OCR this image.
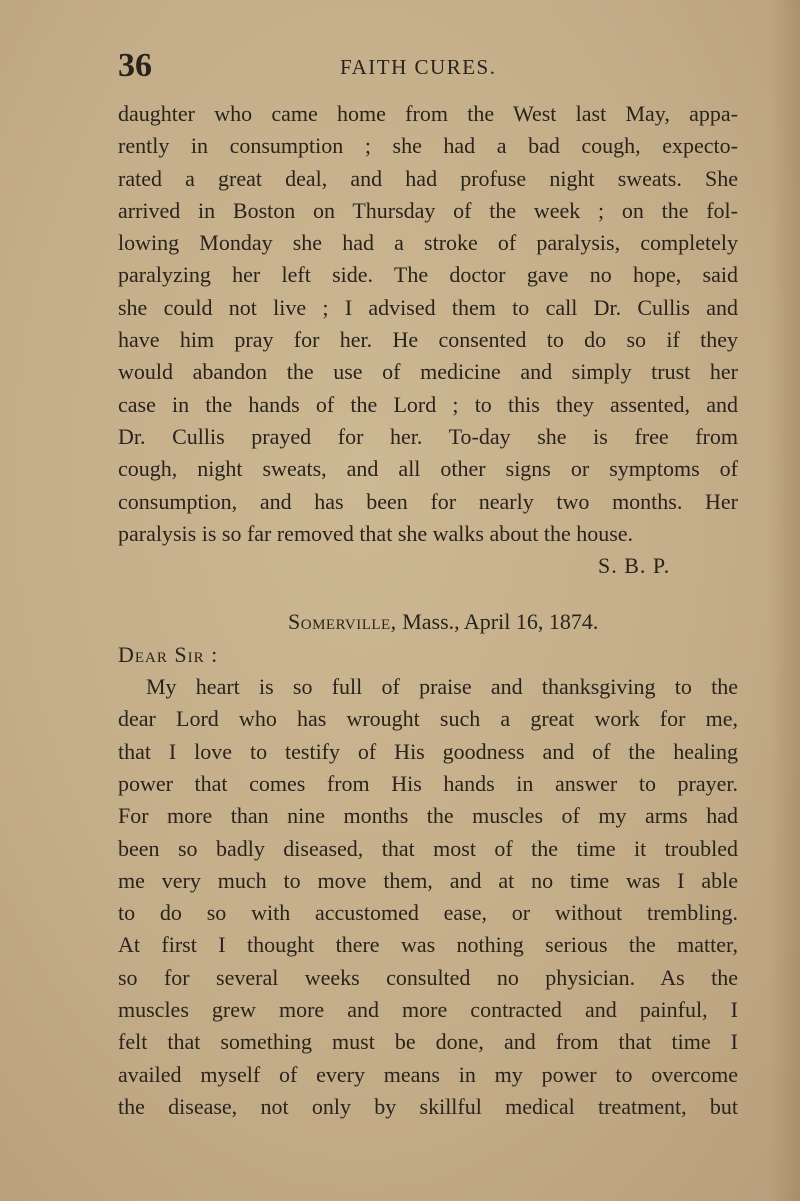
36	FAITH CURES.

daughter who came home from the West last May, appa-
rently in consumption ; she had a bad cough, expecto-
rated a great deal, and had profuse night sweats. She
arrived in Boston on Thursday of the week ; on the fol-
lowing Monday she had a stroke of paralysis, completely
paralyzing her left side. The doctor gave no hope, said
she could not live ; I advised them to call Dr. Cullis and
have him pray for her. He consented to do so if they
would abandon the use of medicine and simply trust her
case in the hands of the Lord ; to this they assented, and
Dr. Cullis prayed for her. To-day she is free from
cough, night sweats, and all other signs or symptoms of
consumption, and has been for nearly two months. Her
paralysis is so far removed that she walks about the house.

S. B. P.
Somerville, Mass., April 16, 1874.
Dear Sir :

My heart is so full of praise and thanksgiving to the
dear Lord who has wrought such a great work for me,
that I love to testify of His goodness and of the healing
power that comes from His hands in answer to prayer.
For more than nine months the muscles of my arms had
been so badly diseased, that most of the time it troubled
me very much to move them, and at no time was I able
to do so with accustomed ease, or without trembling.
At first I thought there was nothing serious the matter,
so for several weeks consulted no physician. As the
muscles grew more and more contracted and painful, I
felt that something must be done, and from that time I
availed myself of every means in my power to overcome
the disease, not only by skillful medical treatment, but
